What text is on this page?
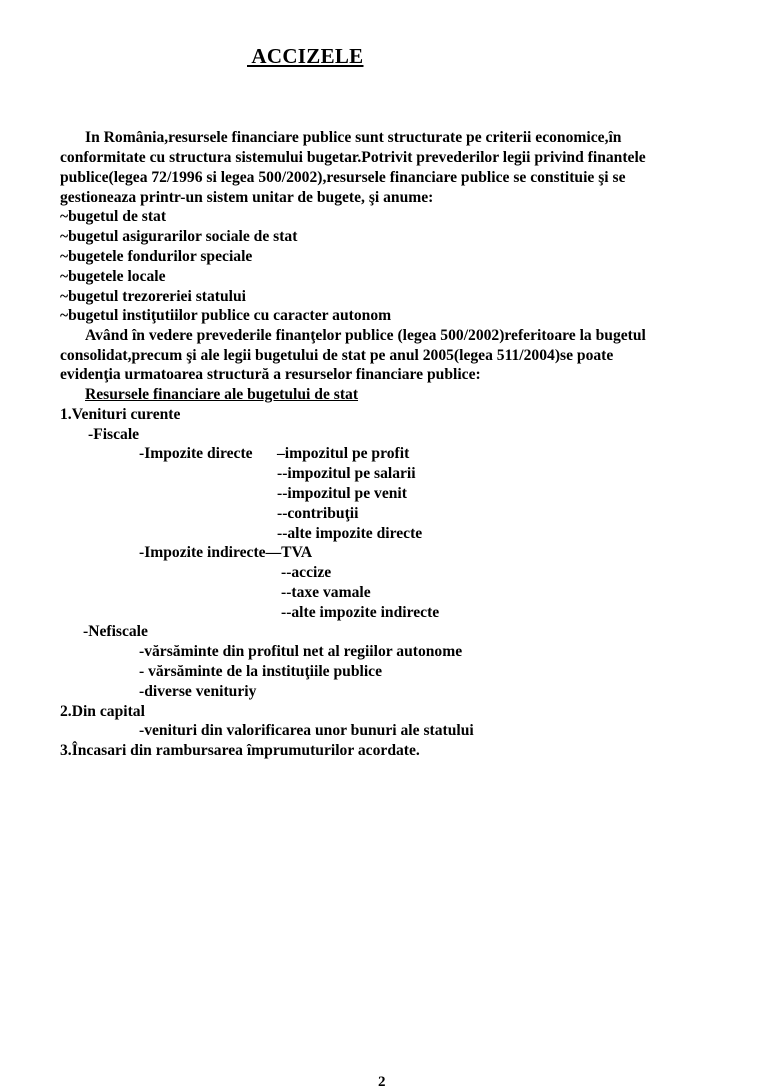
ACCIZELE
In România,resursele financiare publice sunt structurate pe criterii economice,în
conformitate cu structura sistemului bugetar.Potrivit prevederilor legii privind finantele
publice(legea 72/1996 si legea 500/2002),resursele financiare publice se constituie şi se
gestioneaza printr-un sistem unitar de bugete, şi anume:
~bugetul de stat
~bugetul asigurarilor sociale de stat
~bugetele fondurilor speciale
~bugetele locale
~bugetul trezoreriei statului
~bugetul instiţutiilor publice cu caracter autonom
Având în vedere prevederile finanţelor publice (legea 500/2002)referitoare la bugetul
consolidat,precum şi ale legii bugetului de stat pe anul 2005(legea 511/2004)se poate
evidenţia urmatoarea structură a resurselor financiare publice:
Resursele financiare ale bugetului de stat
1.Venituri curente
-Fiscale
-Impozite directe –impozitul pe profit
--impozitul pe salarii
--impozitul pe venit
--contribuţii
--alte impozite directe
-Impozite indirecte—TVA
--accize
--taxe vamale
--alte impozite indirecte
-Nefiscale
-vărsăminte din profitul net al regiilor autonome
- vărsăminte de la instituţiile publice
-diverse venituriy
2.Din capital
-venituri din valorificarea unor bunuri ale statului
3.Încasari din rambursarea împrumuturilor acordate.
2
